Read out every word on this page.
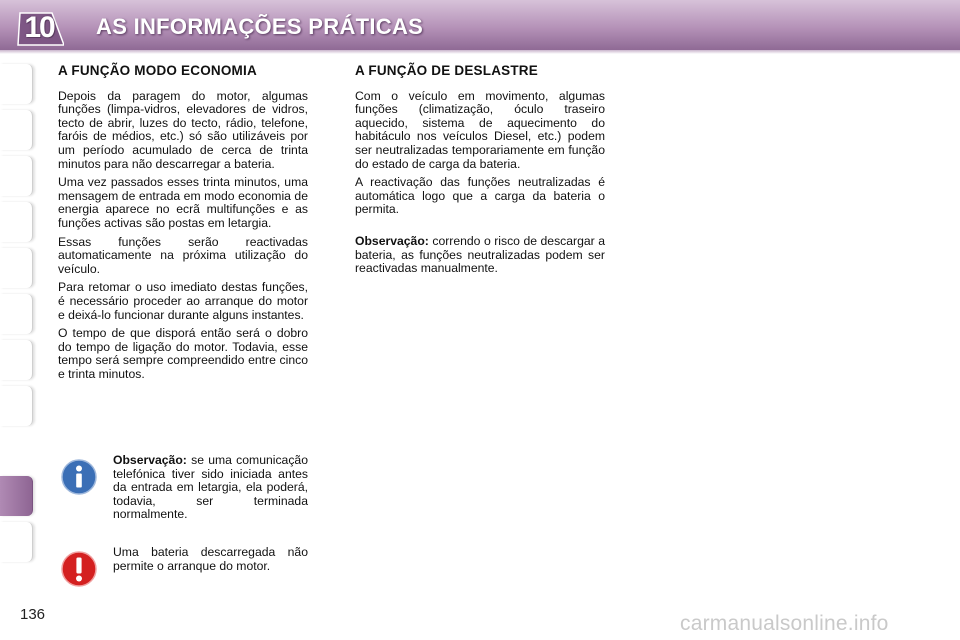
10	AS INFORMAÇÕES PRÁTICAS
A FUNÇÃO MODO ECONOMIA

Depois da paragem do motor, algumas funções (limpa-vidros, elevadores de vidros, tecto de abrir, luzes do tecto, rádio, telefone, faróis de médios, etc.) só são utilizáveis por um período acumulado de cerca de trinta minutos para não descarregar a bateria.

Uma vez passados esses trinta minutos, uma mensagem de entrada em modo economia de energia aparece no ecrã multifunções e as funções activas são postas em letargia.

Essas funções serão reactivadas automaticamente na próxima utilização do veículo.

Para retomar o uso imediato destas funções, é necessário proceder ao arranque do motor e deixá-lo funcionar durante alguns instantes.

O tempo de que disporá então será o dobro do tempo de ligação do motor. Todavia, esse tempo será sempre compreendido entre cinco e trinta minutos.

Observação: se uma comunicação telefónica tiver sido iniciada antes da entrada em letargia, ela poderá, todavia, ser terminada normalmente.
Uma bateria descarregada não permite o arranque do motor.
A FUNÇÃO DE DESLASTRE

Com o veículo em movimento, algumas funções (climatização, óculo traseiro aquecido, sistema de aquecimento do habitáculo nos veículos Diesel, etc.) podem ser neutralizadas temporariamente em função do estado de carga da bateria.

A reactivação das funções neutralizadas é automática logo que a carga da bateria o permita.

Observação: correndo o risco de descargar a bateria, as funções neutralizadas podem ser reactivadas manualmente.

136	carmanualsonline.info
